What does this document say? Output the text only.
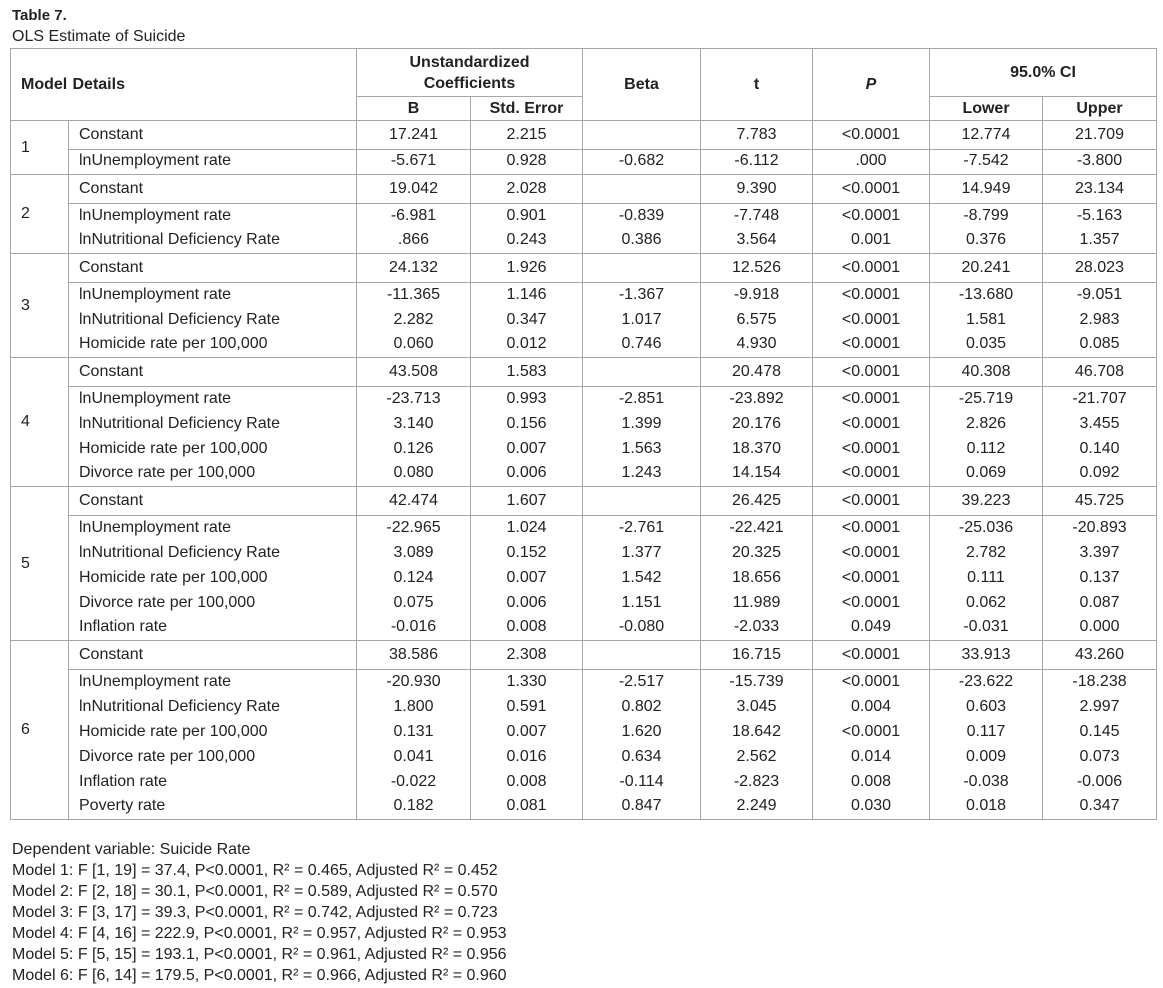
Table 7.
OLS Estimate of Suicide
Model	Details	Unstandardized Coefficients		Beta	t	P	95.0% CI	
		B	Std. Error				Lower	Upper
1	Constant	17.241	2.215		7.783	<0.0001	12.774	21.709
	lnUnemployment rate	-5.671	0.928	-0.682	-6.112	.000	-7.542	-3.800
2	Constant	19.042	2.028		9.390	<0.0001	14.949	23.134
	lnUnemployment rate	-6.981	0.901	-0.839	-7.748	<0.0001	-8.799	-5.163
	lnNutritional Deficiency Rate	.866	0.243	0.386	3.564	0.001	0.376	1.357
3	Constant	24.132	1.926		12.526	<0.0001	20.241	28.023
	lnUnemployment rate	-11.365	1.146	-1.367	-9.918	<0.0001	-13.680	-9.051
	lnNutritional Deficiency Rate	2.282	0.347	1.017	6.575	<0.0001	1.581	2.983
	Homicide rate per 100,000	0.060	0.012	0.746	4.930	<0.0001	0.035	0.085
4	Constant	43.508	1.583		20.478	<0.0001	40.308	46.708
	lnUnemployment rate	-23.713	0.993	-2.851	-23.892	<0.0001	-25.719	-21.707
	lnNutritional Deficiency Rate	3.140	0.156	1.399	20.176	<0.0001	2.826	3.455
	Homicide rate per 100,000	0.126	0.007	1.563	18.370	<0.0001	0.112	0.140
	Divorce rate per 100,000	0.080	0.006	1.243	14.154	<0.0001	0.069	0.092
5	Constant	42.474	1.607		26.425	<0.0001	39.223	45.725
	lnUnemployment rate	-22.965	1.024	-2.761	-22.421	<0.0001	-25.036	-20.893
	lnNutritional Deficiency Rate	3.089	0.152	1.377	20.325	<0.0001	2.782	3.397
	Homicide rate per 100,000	0.124	0.007	1.542	18.656	<0.0001	0.111	0.137
	Divorce rate per 100,000	0.075	0.006	1.151	11.989	<0.0001	0.062	0.087
	Inflation rate	-0.016	0.008	-0.080	-2.033	0.049	-0.031	0.000
6	Constant	38.586	2.308		16.715	<0.0001	33.913	43.260
	lnUnemployment rate	-20.930	1.330	-2.517	-15.739	<0.0001	-23.622	-18.238
	lnNutritional Deficiency Rate	1.800	0.591	0.802	3.045	0.004	0.603	2.997
	Homicide rate per 100,000	0.131	0.007	1.620	18.642	<0.0001	0.117	0.145
	Divorce rate per 100,000	0.041	0.016	0.634	2.562	0.014	0.009	0.073
	Inflation rate	-0.022	0.008	-0.114	-2.823	0.008	-0.038	-0.006
	Poverty rate	0.182	0.081	0.847	2.249	0.030	0.018	0.347
Dependent variable: Suicide Rate
Model 1: F [1, 19] = 37.4, P<0.0001, R² = 0.465, Adjusted R² = 0.452
Model 2: F [2, 18] = 30.1, P<0.0001, R² = 0.589, Adjusted R² = 0.570
Model 3: F [3, 17] = 39.3, P<0.0001, R² = 0.742, Adjusted R² = 0.723
Model 4: F [4, 16] = 222.9, P<0.0001, R² = 0.957, Adjusted R² = 0.953
Model 5: F [5, 15] = 193.1, P<0.0001, R² = 0.961, Adjusted R² = 0.956
Model 6: F [6, 14] = 179.5, P<0.0001, R² = 0.966, Adjusted R² = 0.960
